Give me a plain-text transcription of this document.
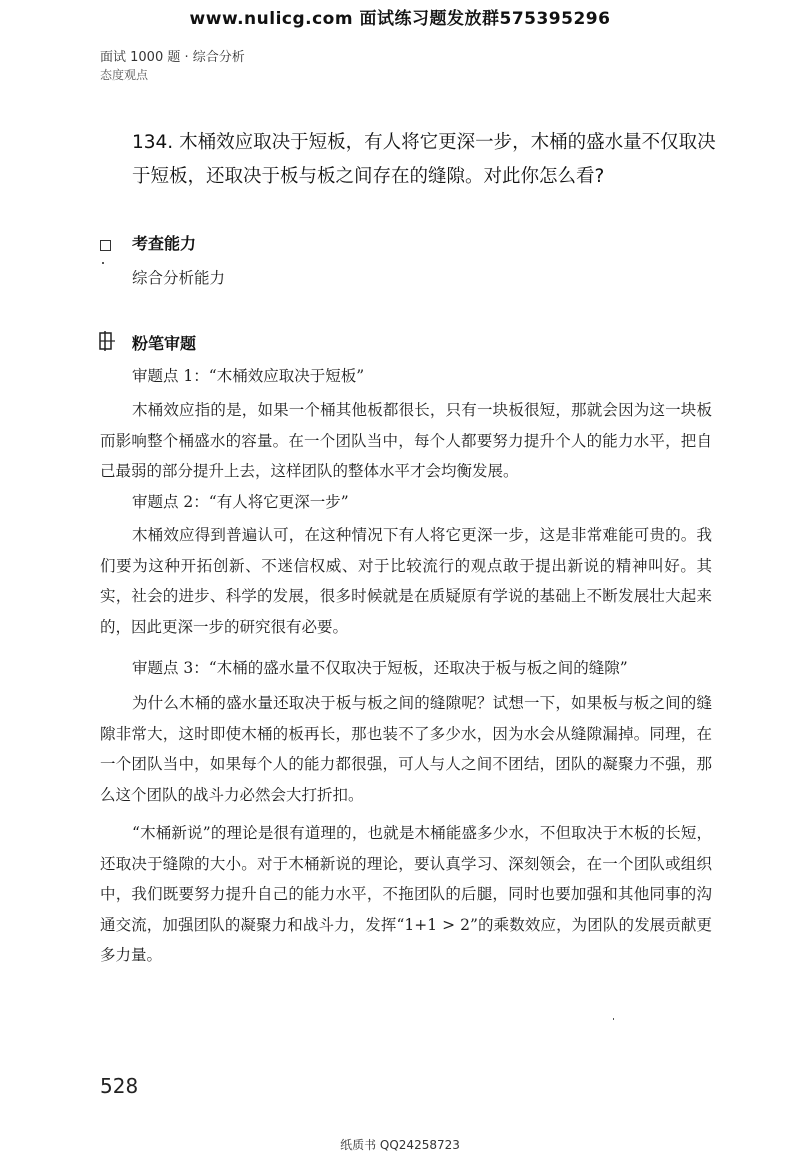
www.nulicg.com 面试练习题发放群575395296
面试 1000 题 · 综合分析
态度观点
134. 木桶效应取决于短板，有人将它更深一步，木桶的盛水量不仅取决于短板，还取决于板与板之间存在的缝隙。对此你怎么看?
考查能力
综合分析能力
粉笔审题
审题点 1：“木桶效应取决于短板”
木桶效应指的是，如果一个桶其他板都很长，只有一块板很短，那就会因为这一块板而影响整个桶盛水的容量。在一个团队当中，每个人都要努力提升个人的能力水平，把自己最弱的部分提升上去，这样团队的整体水平才会均衡发展。
审题点 2：“有人将它更深一步”
木桶效应得到普遍认可，在这种情况下有人将它更深一步，这是非常难能可贵的。我们要为这种开拓创新、不迷信权威、对于比较流行的观点敢于提出新说的精神叫好。其实，社会的进步、科学的发展，很多时候就是在质疑原有学说的基础上不断发展壮大起来的，因此更深一步的研究很有必要。
审题点 3：“木桶的盛水量不仅取决于短板，还取决于板与板之间的缝隙”
为什么木桶的盛水量还取决于板与板之间的缝隙呢？试想一下，如果板与板之间的缝隙非常大，这时即使木桶的板再长，那也装不了多少水，因为水会从缝隙漏掉。同理，在一个团队当中，如果每个人的能力都很强，可人与人之间不团结，团队的凝聚力不强，那么这个团队的战斗力必然会大打折扣。
“木桶新说”的理论是很有道理的，也就是木桶能盛多少水，不但取决于木板的长短，还取决于缝隙的大小。对于木桶新说的理论，要认真学习、深刻领会，在一个团队或组织中，我们既要努力提升自己的能力水平，不拖团队的后腿，同时也要加强和其他同事的沟通交流，加强团队的凝聚力和战斗力，发挥“1+1 > 2”的乘数效应，为团队的发展贡献更多力量。
528
纸质书 QQ24258723
